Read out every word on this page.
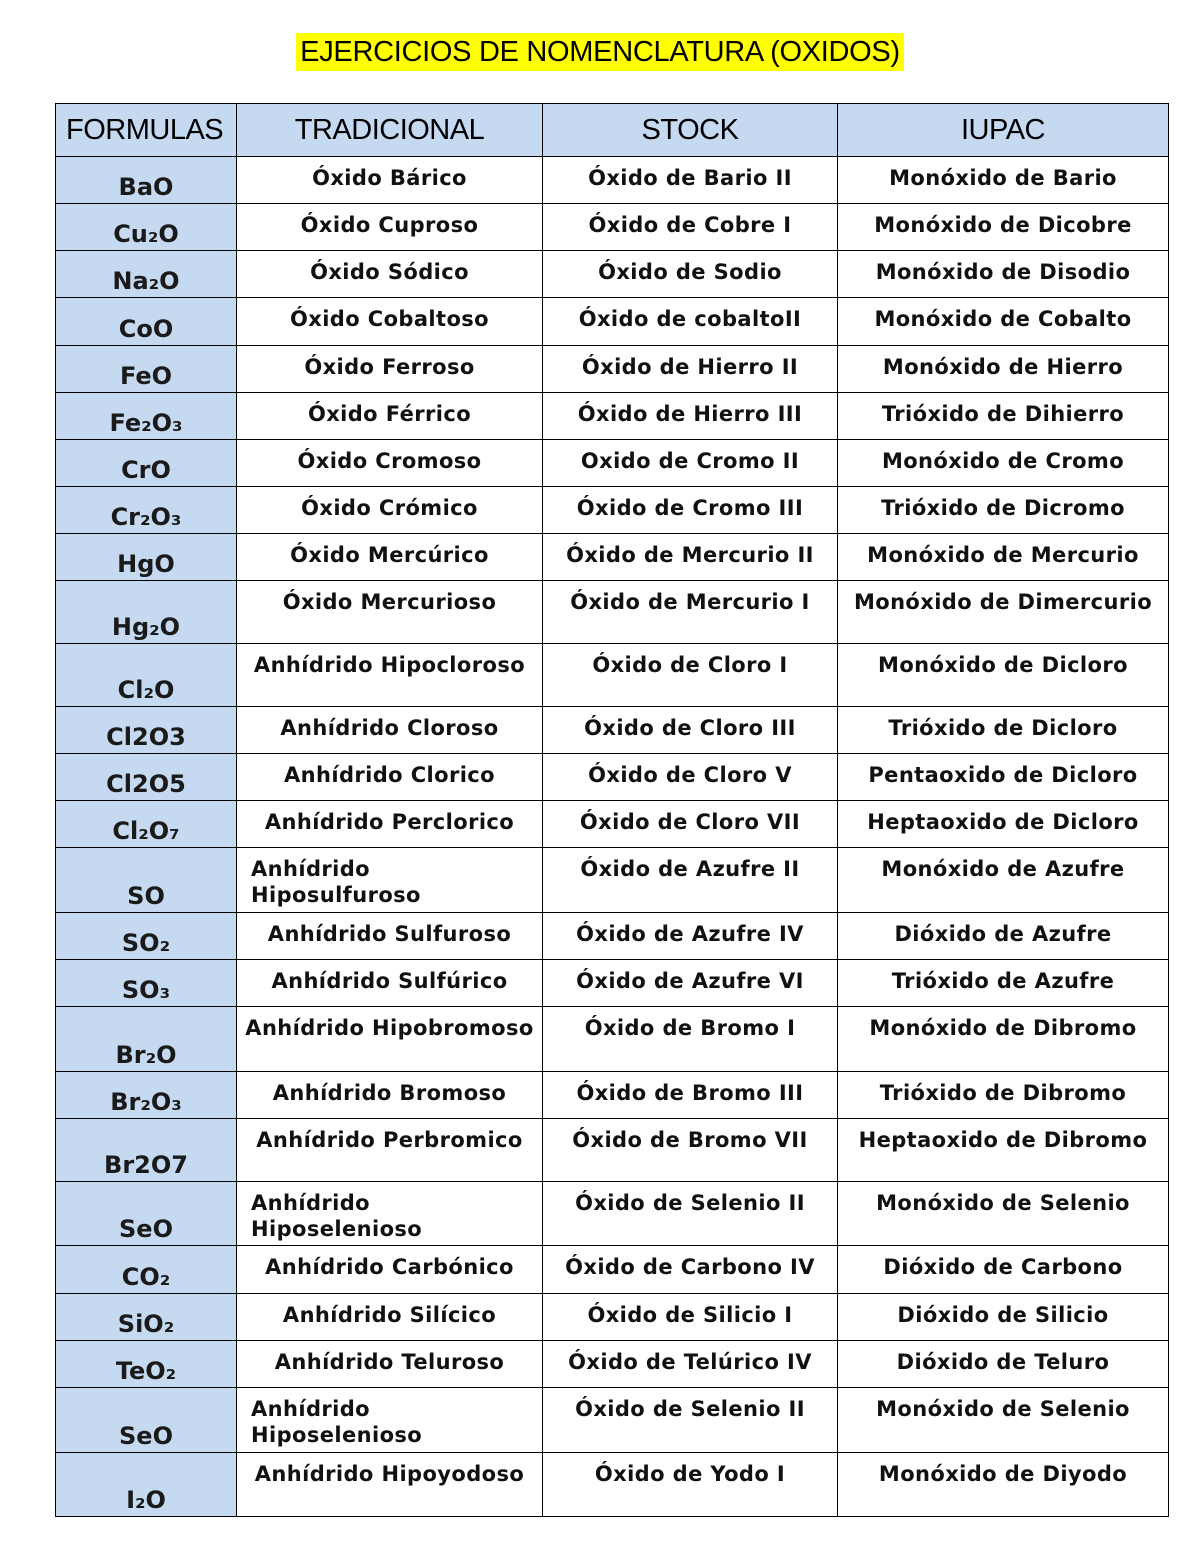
EJERCICIOS DE NOMENCLATURA (OXIDOS)
FORMULAS	TRADICIONAL	STOCK	IUPAC
BaO	Óxido Bárico	Óxido de Bario II	Monóxido de Bario
Cu₂O	Óxido Cuproso	Óxido de Cobre I	Monóxido de Dicobre
Na₂O	Óxido Sódico	Óxido de Sodio	Monóxido de Disodio
CoO	Óxido Cobaltoso	Óxido de cobaltoII	Monóxido de Cobalto
FeO	Óxido Ferroso	Óxido de Hierro II	Monóxido de Hierro
Fe₂O₃	Óxido Férrico	Óxido de Hierro III	Trióxido de Dihierro
CrO	Óxido Cromoso	Oxido de Cromo II	Monóxido de Cromo
Cr₂O₃	Óxido Crómico	Óxido de Cromo III	Trióxido de Dicromo
HgO	Óxido Mercúrico	Óxido de Mercurio II	Monóxido de Mercurio
Hg₂O	Óxido Mercurioso	Óxido de Mercurio I	Monóxido de Dimercurio
Cl₂O	Anhídrido Hipocloroso	Óxido de Cloro I	Monóxido de Dicloro
Cl2O3	Anhídrido Cloroso	Óxido de Cloro III	Trióxido de Dicloro
Cl2O5	Anhídrido Clorico	Óxido de Cloro V	Pentaoxido de Dicloro
Cl₂O₇	Anhídrido Perclorico	Óxido de Cloro VII	Heptaoxido de Dicloro
SO	Anhídrido Hiposulfuroso	Óxido de Azufre II	Monóxido de Azufre
SO₂	Anhídrido Sulfuroso	Óxido de Azufre IV	Dióxido de Azufre
SO₃	Anhídrido Sulfúrico	Óxido de Azufre VI	Trióxido de Azufre
Br₂O	Anhídrido Hipobromoso	Óxido de Bromo I	Monóxido de Dibromo
Br₂O₃	Anhídrido Bromoso	Óxido de Bromo III	Trióxido de Dibromo
Br2O7	Anhídrido Perbromico	Óxido de Bromo VII	Heptaoxido de Dibromo
SeO	Anhídrido Hiposelenioso	Óxido de Selenio II	Monóxido de Selenio
CO₂	Anhídrido Carbónico	Óxido de Carbono IV	Dióxido de Carbono
SiO₂	Anhídrido Silícico	Óxido de Silicio I	Dióxido de Silicio
TeO₂	Anhídrido Teluroso	Óxido de Telúrico IV	Dióxido de Teluro
SeO	Anhídrido Hiposelenioso	Óxido de Selenio II	Monóxido de Selenio
I₂O	Anhídrido Hipoyodoso	Óxido de Yodo I	Monóxido de Diyodo
